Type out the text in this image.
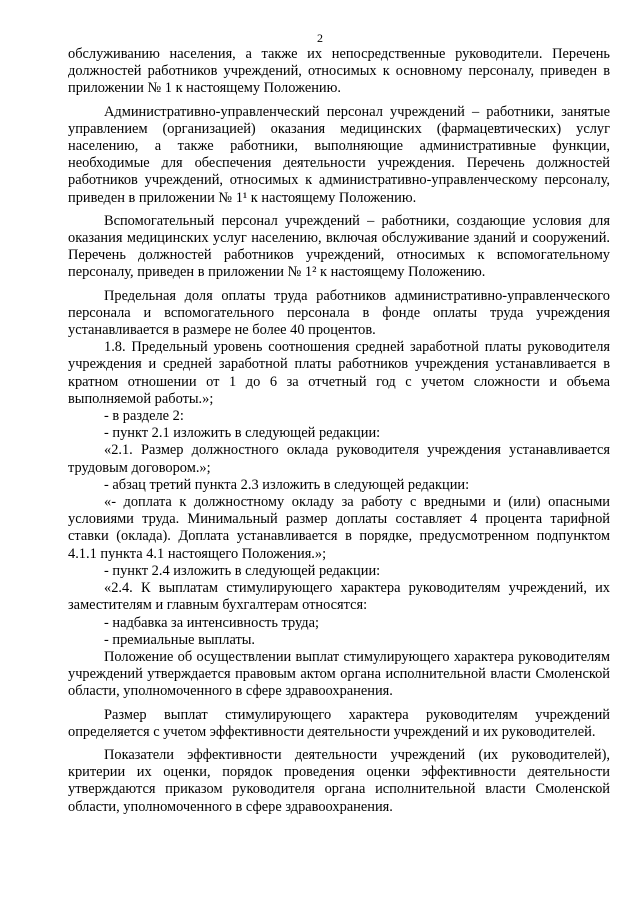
2

обслуживанию населения, а также их непосредственные руководители. Перечень должностей работников учреждений, относимых к основному персоналу, приведен в приложении № 1 к настоящему Положению.

Административно-управленческий персонал учреждений – работники, занятые управлением (организацией) оказания медицинских (фармацевтических) услуг населению, а также работники, выполняющие административные функции, необходимые для обеспечения деятельности учреждения. Перечень должностей работников учреждений, относимых к административно-управленческому персоналу, приведен в приложении № 1¹ к настоящему Положению.

Вспомогательный персонал учреждений – работники, создающие условия для оказания медицинских услуг населению, включая обслуживание зданий и сооружений. Перечень должностей работников учреждений, относимых к вспомогательному персоналу, приведен в приложении № 1² к настоящему Положению.

Предельная доля оплаты труда работников административно-управленческого персонала и вспомогательного персонала в фонде оплаты труда учреждения устанавливается в размере не более 40 процентов.

1.8. Предельный уровень соотношения средней заработной платы руководителя учреждения и средней заработной платы работников учреждения устанавливается в кратном отношении от 1 до 6 за отчетный год с учетом сложности и объема выполняемой работы.»;

- в разделе 2:

- пункт 2.1 изложить в следующей редакции:

«2.1. Размер должностного оклада руководителя учреждения устанавливается трудовым договором.»;

- абзац третий пункта 2.3 изложить в следующей редакции:

«- доплата к должностному окладу за работу с вредными и (или) опасными условиями труда. Минимальный размер доплаты составляет 4 процента тарифной ставки (оклада). Доплата устанавливается в порядке, предусмотренном подпунктом 4.1.1 пункта 4.1 настоящего Положения.»;

- пункт 2.4 изложить в следующей редакции:

«2.4. К выплатам стимулирующего характера руководителям учреждений, их заместителям и главным бухгалтерам относятся:

- надбавка за интенсивность труда;

- премиальные выплаты.

Положение об осуществлении выплат стимулирующего характера руководителям учреждений утверждается правовым актом органа исполнительной власти Смоленской области, уполномоченного в сфере здравоохранения.

Размер выплат стимулирующего характера руководителям учреждений определяется с учетом эффективности деятельности учреждений и их руководителей.

Показатели эффективности деятельности учреждений (их руководителей), критерии их оценки, порядок проведения оценки эффективности деятельности утверждаются приказом руководителя органа исполнительной власти Смоленской области, уполномоченного в сфере здравоохранения.
